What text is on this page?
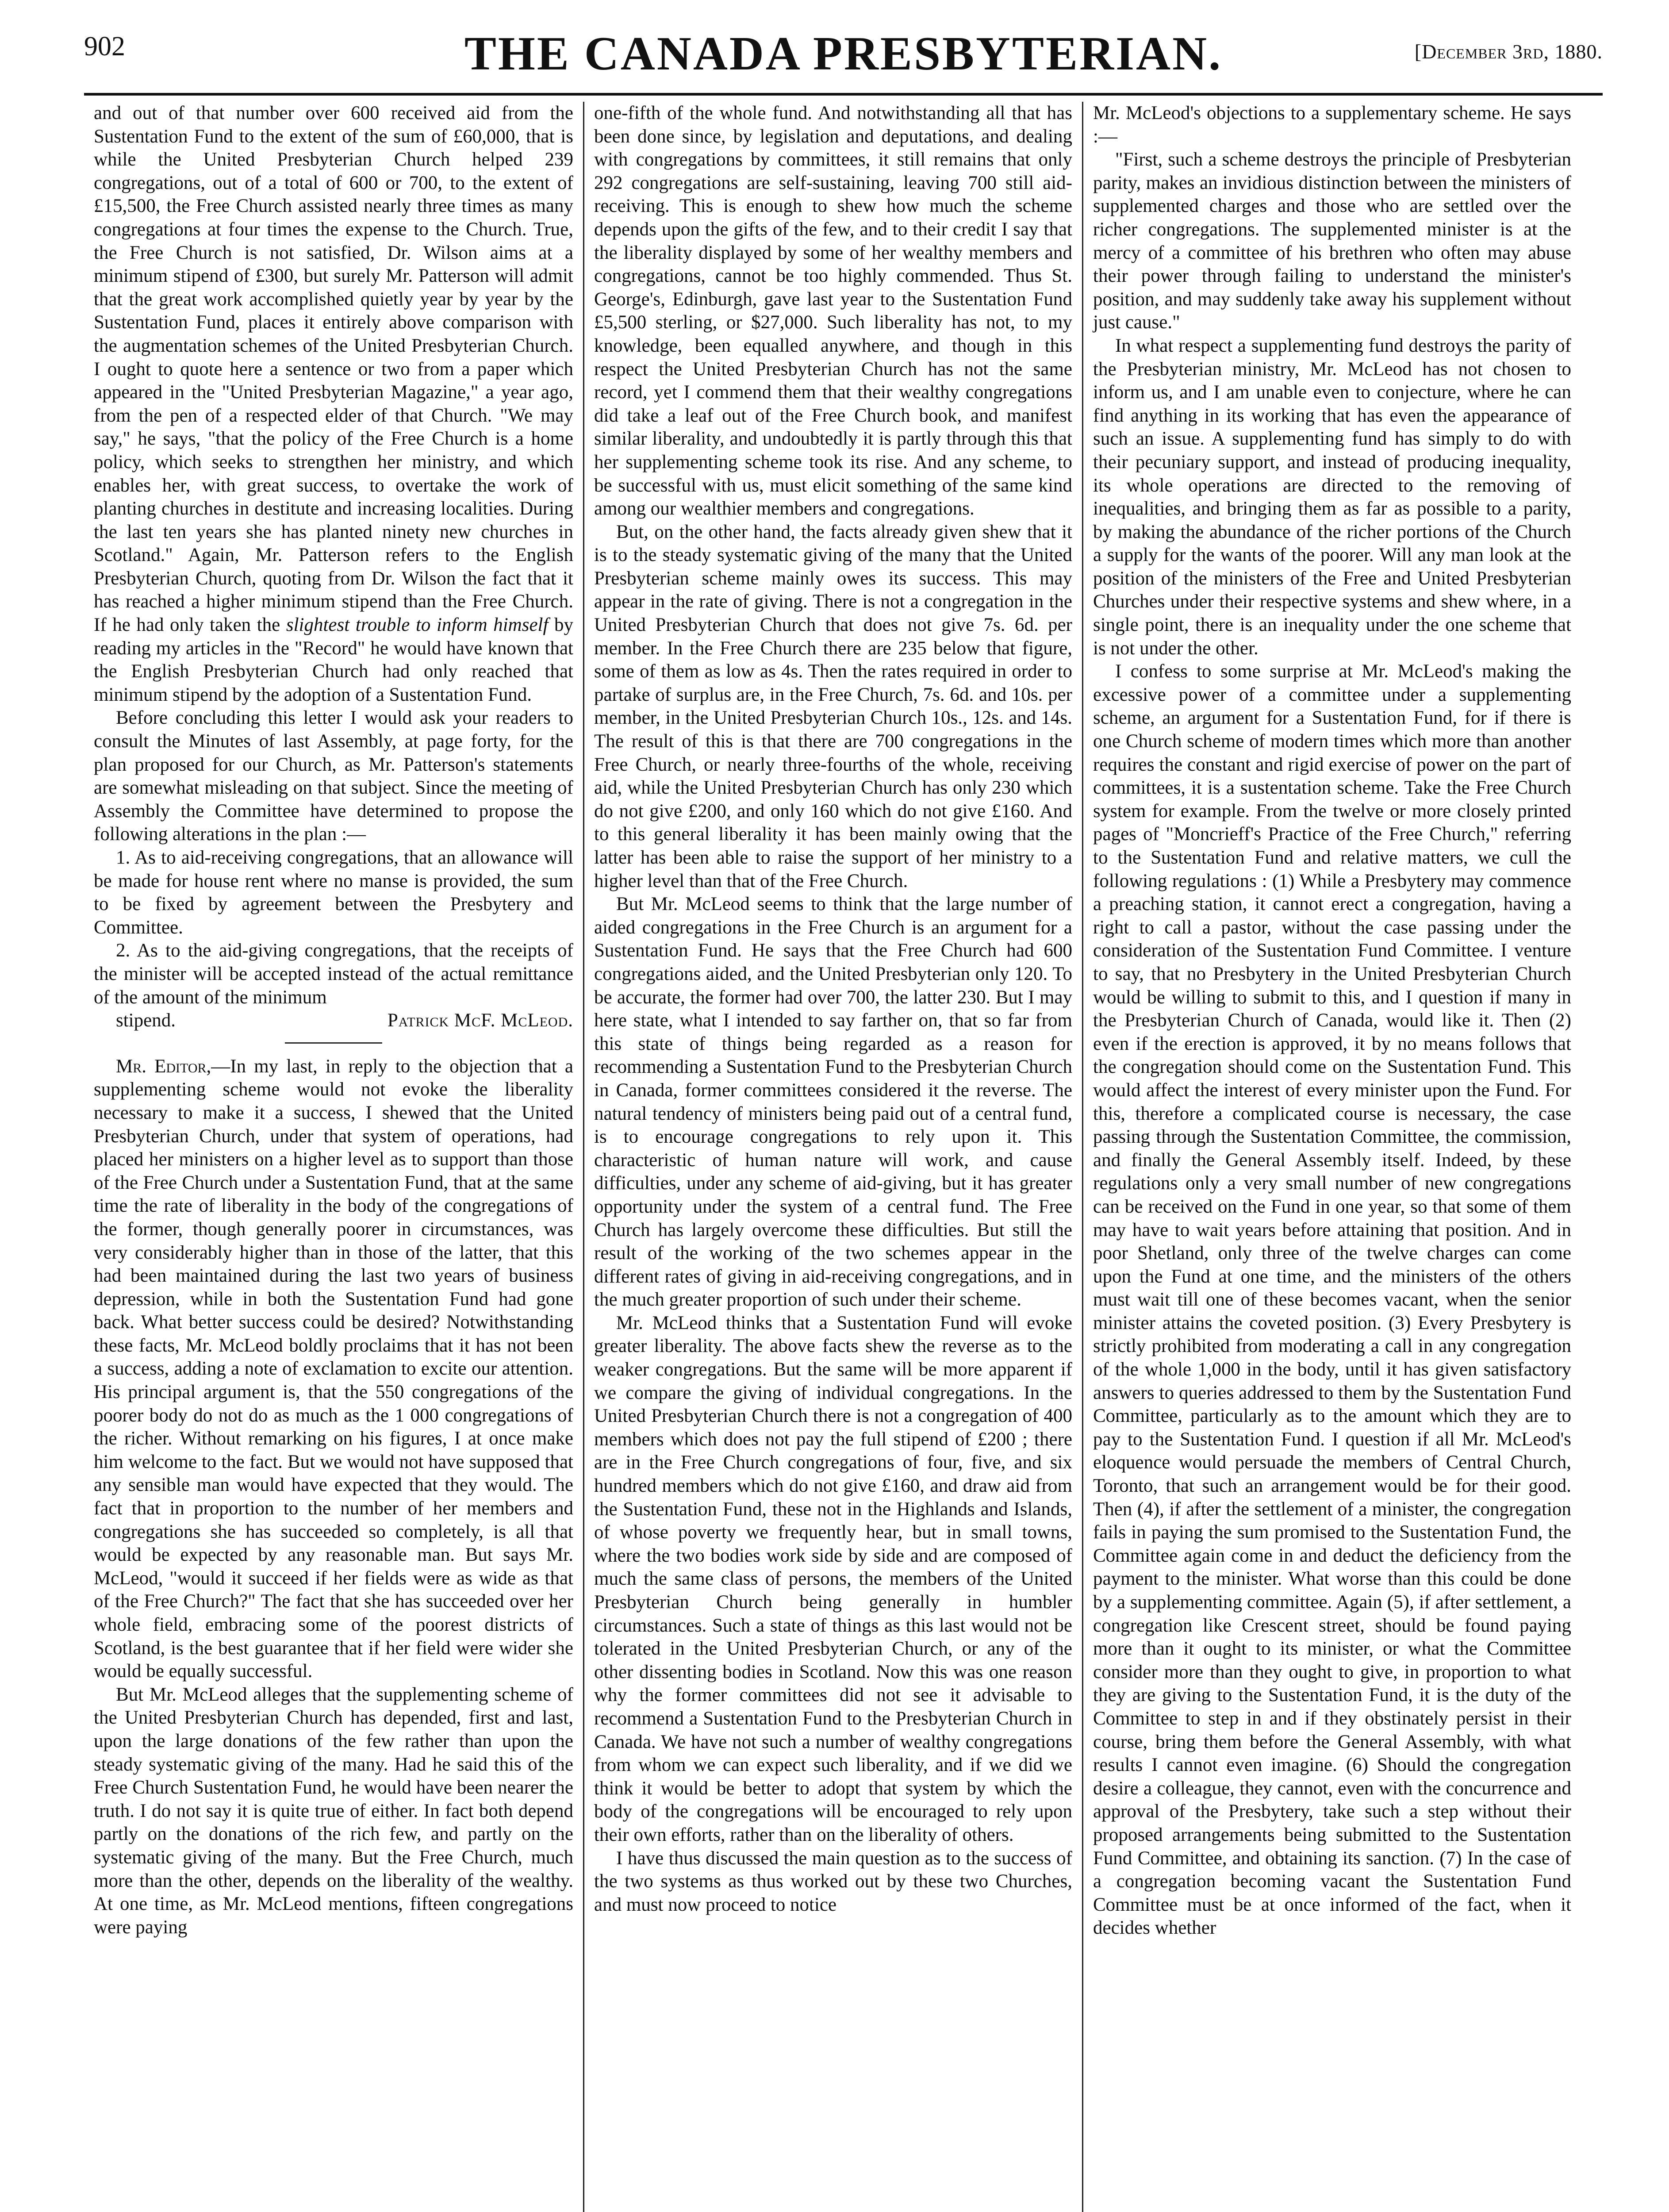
902	THE CANADA PRESBYTERIAN.	[December 3rd, 1880.

and out of that number over 600 received aid from the Sustentation Fund to the extent of the sum of £60,000, that is while the United Presbyterian Church helped 239 congregations, out of a total of 600 or 700, to the extent of £15,500, the Free Church assisted nearly three times as many congregations at four times the expense to the Church. True, the Free Church is not satisfied, Dr. Wilson aims at a minimum stipend of £300, but surely Mr. Patterson will admit that the great work accomplished quietly year by year by the Sustentation Fund, places it entirely above comparison with the augmentation schemes of the United Presbyterian Church. I ought to quote here a sentence or two from a paper which appeared in the "United Presbyterian Magazine," a year ago, from the pen of a respected elder of that Church. "We may say," he says, "that the policy of the Free Church is a home policy, which seeks to strengthen her ministry, and which enables her, with great success, to overtake the work of planting churches in destitute and increasing localities. During the last ten years she has planted ninety new churches in Scotland." Again, Mr. Patterson refers to the English Presbyterian Church, quoting from Dr. Wilson the fact that it has reached a higher minimum stipend than the Free Church. If he had only taken the slightest trouble to inform himself by reading my articles in the "Record" he would have known that the English Presbyterian Church had only reached that minimum stipend by the adoption of a Sustentation Fund.

Before concluding this letter I would ask your readers to consult the Minutes of last Assembly, at page forty, for the plan proposed for our Church, as Mr. Patterson's statements are somewhat misleading on that subject. Since the meeting of Assembly the Committee have determined to propose the following alterations in the plan :—

1. As to aid-receiving congregations, that an allowance will be made for house rent where no manse is provided, the sum to be fixed by agreement between the Presbytery and Committee.

2. As to the aid-giving congregations, that the receipts of the minister will be accepted instead of the actual remittance of the amount of the minimum

stipend.	Patrick McF. McLeod.

Mr. Editor,—In my last, in reply to the objection that a supplementing scheme would not evoke the liberality necessary to make it a success, I shewed that the United Presbyterian Church, under that system of operations, had placed her ministers on a higher level as to support than those of the Free Church under a Sustentation Fund, that at the same time the rate of liberality in the body of the congregations of the former, though generally poorer in circumstances, was very considerably higher than in those of the latter, that this had been maintained during the last two years of business depression, while in both the Sustentation Fund had gone back. What better success could be desired? Notwithstanding these facts, Mr. McLeod boldly proclaims that it has not been a success, adding a note of exclamation to excite our attention. His principal argument is, that the 550 congregations of the poorer body do not do as much as the 1 000 congregations of the richer. Without remarking on his figures, I at once make him welcome to the fact. But we would not have supposed that any sensible man would have expected that they would. The fact that in proportion to the number of her members and congregations she has succeeded so completely, is all that would be expected by any reasonable man. But says Mr. McLeod, "would it succeed if her fields were as wide as that of the Free Church?" The fact that she has succeeded over her whole field, embracing some of the poorest districts of Scotland, is the best guarantee that if her field were wider she would be equally successful.

But Mr. McLeod alleges that the supplementing scheme of the United Presbyterian Church has depended, first and last, upon the large donations of the few rather than upon the steady systematic giving of the many. Had he said this of the Free Church Sustentation Fund, he would have been nearer the truth. I do not say it is quite true of either. In fact both depend partly on the donations of the rich few, and partly on the systematic giving of the many. But the Free Church, much more than the other, depends on the liberality of the wealthy. At one time, as Mr. McLeod mentions, fifteen congregations were paying

one-fifth of the whole fund. And notwithstanding all that has been done since, by legislation and deputations, and dealing with congregations by committees, it still remains that only 292 congregations are self-sustaining, leaving 700 still aid-receiving. This is enough to shew how much the scheme depends upon the gifts of the few, and to their credit I say that the liberality displayed by some of her wealthy members and congregations, cannot be too highly commended. Thus St. George's, Edinburgh, gave last year to the Sustentation Fund £5,500 sterling, or $27,000. Such liberality has not, to my knowledge, been equalled anywhere, and though in this respect the United Presbyterian Church has not the same record, yet I commend them that their wealthy congregations did take a leaf out of the Free Church book, and manifest similar liberality, and undoubtedly it is partly through this that her supplementing scheme took its rise. And any scheme, to be successful with us, must elicit something of the same kind among our wealthier members and congregations.

But, on the other hand, the facts already given shew that it is to the steady systematic giving of the many that the United Presbyterian scheme mainly owes its success. This may appear in the rate of giving. There is not a congregation in the United Presbyterian Church that does not give 7s. 6d. per member. In the Free Church there are 235 below that figure, some of them as low as 4s. Then the rates required in order to partake of surplus are, in the Free Church, 7s. 6d. and 10s. per member, in the United Presbyterian Church 10s., 12s. and 14s. The result of this is that there are 700 congregations in the Free Church, or nearly three-fourths of the whole, receiving aid, while the United Presbyterian Church has only 230 which do not give £200, and only 160 which do not give £160. And to this general liberality it has been mainly owing that the latter has been able to raise the support of her ministry to a higher level than that of the Free Church.

But Mr. McLeod seems to think that the large number of aided congregations in the Free Church is an argument for a Sustentation Fund. He says that the Free Church had 600 congregations aided, and the United Presbyterian only 120. To be accurate, the former had over 700, the latter 230. But I may here state, what I intended to say farther on, that so far from this state of things being regarded as a reason for recommending a Sustentation Fund to the Presbyterian Church in Canada, former committees considered it the reverse. The natural tendency of ministers being paid out of a central fund, is to encourage congregations to rely upon it. This characteristic of human nature will work, and cause difficulties, under any scheme of aid-giving, but it has greater opportunity under the system of a central fund. The Free Church has largely overcome these difficulties. But still the result of the working of the two schemes appear in the different rates of giving in aid-receiving congregations, and in the much greater proportion of such under their scheme.

Mr. McLeod thinks that a Sustentation Fund will evoke greater liberality. The above facts shew the reverse as to the weaker congregations. But the same will be more apparent if we compare the giving of individual congregations. In the United Presbyterian Church there is not a congregation of 400 members which does not pay the full stipend of £200 ; there are in the Free Church congregations of four, five, and six hundred members which do not give £160, and draw aid from the Sustentation Fund, these not in the Highlands and Islands, of whose poverty we frequently hear, but in small towns, where the two bodies work side by side and are composed of much the same class of persons, the members of the United Presbyterian Church being generally in humbler circumstances. Such a state of things as this last would not be tolerated in the United Presbyterian Church, or any of the other dissenting bodies in Scotland. Now this was one reason why the former committees did not see it advisable to recommend a Sustentation Fund to the Presbyterian Church in Canada. We have not such a number of wealthy congregations from whom we can expect such liberality, and if we did we think it would be better to adopt that system by which the body of the congregations will be encouraged to rely upon their own efforts, rather than on the liberality of others.

I have thus discussed the main question as to the success of the two systems as thus worked out by these two Churches, and must now proceed to notice

Mr. McLeod's objections to a supplementary scheme. He says :—

"First, such a scheme destroys the principle of Presbyterian parity, makes an invidious distinction between the ministers of supplemented charges and those who are settled over the richer congregations. The supplemented minister is at the mercy of a committee of his brethren who often may abuse their power through failing to understand the minister's position, and may suddenly take away his supplement without just cause."

In what respect a supplementing fund destroys the parity of the Presbyterian ministry, Mr. McLeod has not chosen to inform us, and I am unable even to conjecture, where he can find anything in its working that has even the appearance of such an issue. A supplementing fund has simply to do with their pecuniary support, and instead of producing inequality, its whole operations are directed to the removing of inequalities, and bringing them as far as possible to a parity, by making the abundance of the richer portions of the Church a supply for the wants of the poorer. Will any man look at the position of the ministers of the Free and United Presbyterian Churches under their respective systems and shew where, in a single point, there is an inequality under the one scheme that is not under the other.

I confess to some surprise at Mr. McLeod's making the excessive power of a committee under a supplementing scheme, an argument for a Sustentation Fund, for if there is one Church scheme of modern times which more than another requires the constant and rigid exercise of power on the part of committees, it is a sustentation scheme. Take the Free Church system for example. From the twelve or more closely printed pages of "Moncrieff's Practice of the Free Church," referring to the Sustentation Fund and relative matters, we cull the following regulations : (1) While a Presbytery may commence a preaching station, it cannot erect a congregation, having a right to call a pastor, without the case passing under the consideration of the Sustentation Fund Committee. I venture to say, that no Presbytery in the United Presbyterian Church would be willing to submit to this, and I question if many in the Presbyterian Church of Canada, would like it. Then (2) even if the erection is approved, it by no means follows that the congregation should come on the Sustentation Fund. This would affect the interest of every minister upon the Fund. For this, therefore a complicated course is necessary, the case passing through the Sustentation Committee, the commission, and finally the General Assembly itself. Indeed, by these regulations only a very small number of new congregations can be received on the Fund in one year, so that some of them may have to wait years before attaining that position. And in poor Shetland, only three of the twelve charges can come upon the Fund at one time, and the ministers of the others must wait till one of these becomes vacant, when the senior minister attains the coveted position. (3) Every Presbytery is strictly prohibited from moderating a call in any congregation of the whole 1,000 in the body, until it has given satisfactory answers to queries addressed to them by the Sustentation Fund Committee, particularly as to the amount which they are to pay to the Sustentation Fund. I question if all Mr. McLeod's eloquence would persuade the members of Central Church, Toronto, that such an arrangement would be for their good. Then (4), if after the settlement of a minister, the congregation fails in paying the sum promised to the Sustentation Fund, the Committee again come in and deduct the deficiency from the payment to the minister. What worse than this could be done by a supplementing committee. Again (5), if after settlement, a congregation like Crescent street, should be found paying more than it ought to its minister, or what the Committee consider more than they ought to give, in proportion to what they are giving to the Sustentation Fund, it is the duty of the Committee to step in and if they obstinately persist in their course, bring them before the General Assembly, with what results I cannot even imagine. (6) Should the congregation desire a colleague, they cannot, even with the concurrence and approval of the Presbytery, take such a step without their proposed arrangements being submitted to the Sustentation Fund Committee, and obtaining its sanction. (7) In the case of a congregation becoming vacant the Sustentation Fund Committee must be at once informed of the fact, when it decides whether
